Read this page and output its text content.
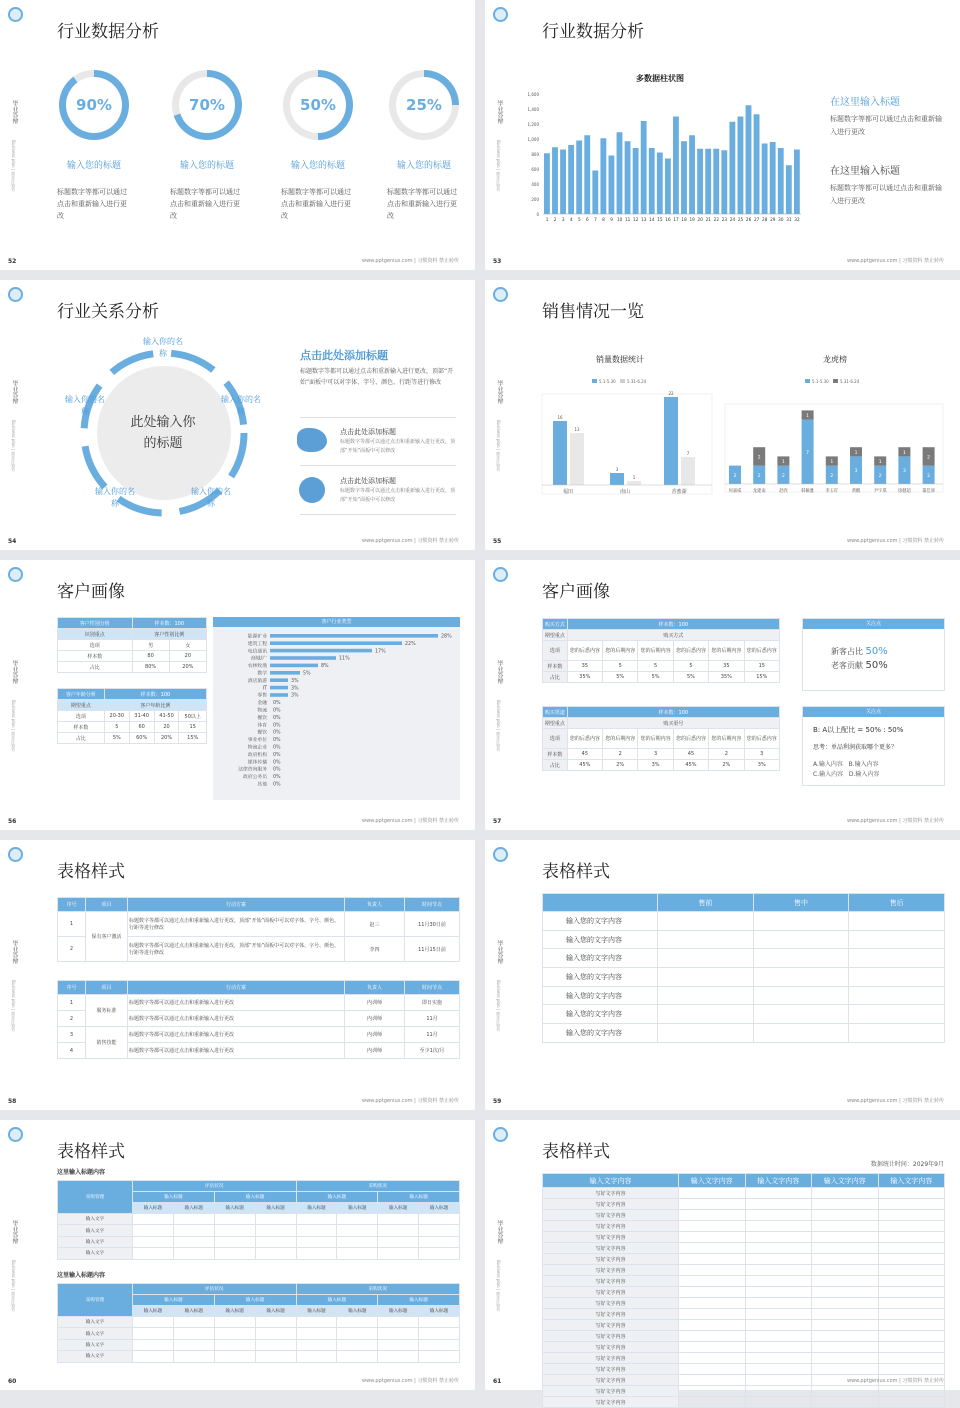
毕业答辩
Business plan | 商业计划书
行业数据分析
90%
输入您的标题
标题数字等都可以通过点击和重新输入进行更改
70%
输入您的标题
标题数字等都可以通过点击和重新输入进行更改
50%
输入您的标题
标题数字等都可以通过点击和重新输入进行更改
25%
输入您的标题
标题数字等都可以通过点击和重新输入进行更改
52	www.pptgenius.com | 习惯资料 禁止转传
毕业答辩
Business plan | 商业计划书
行业数据分析
多数据柱状图
0
200
400
600
800
1,000
1,200
1,400
1,600
1 2 3 4 5 6 7 8 9 10 11 12 13 14 15 16 17 18 19 20 21 22 23 24 25 26 27 28 29 30 31 32
在这里输入标题
标题数字等都可以通过点击和重新输入进行更改
在这里输入标题
标题数字等都可以通过点击和重新输入进行更改
53	www.pptgenius.com | 习惯资料 禁止转传
毕业答辩
Business plan | 商业计划书
行业关系分析
此处输入你的标题
输入你的名称
输入你的名称
输入你的名称
输入你的名称
输入你的名称
点击此处添加标题
标题数字等都可以通过点击和重新输入进行更改，顶部“开始”面板中可以对字体、字号、颜色、行距等进行修改
点击此处添加标题
标题数字等都可以通过点击和重新输入进行更改，顶部“开始”面板中可以修改
点击此处添加标题
标题数字等都可以通过点击和重新输入进行更改，顶部“开始”面板中可以修改
54	www.pptgenius.com | 习惯资料 禁止转传
毕业答辩
Business plan | 商业计划书
销售情况一览
销量数据统计
5.1-5.30	5.31-6.24
16
13
福田
3
1
南山
22
7
香蜜湖
龙虎榜
5.1-5.30	5.31-6.24
2
何嘉威
2
2
龙建南
2
1
赵欣
7
1
韩佩雅
2
1
李玉叮
3
1
黄醒
2
1
尹宇琪
3
1
徐健超
2
2
董佳驿
55	www.pptgenius.com | 习惯资料 禁止转传
毕业答辩
Business plan | 商业计划书
客户画像
客户性别分析	样本数：100	
识别重点	客户性别比例	
选项	男	女
样本数	80	20
占比	80%	20%
客户年龄分析	样本数：100			
期望重点	客户年龄比例			
选项	20-30	31-40	41-50	50以上
样本数	5	60	20	15
占比	5%	60%	20%	15%
客户行业类型
能源矿业	28%
建筑工程	22%
电信通讯	17%
商城/广	11%
农林牧渔	8%
教学	5%
酒店旅游	3%
IT	3%
零售	3%
金融 0%
物流 0%
餐饮 0%
体育 0%
餐饮 0%
事业单位 0%
物流企业 0%
政府机构 0%
媒体传播 0%
法律咨询服务 0%
政府公务员 0%
其他 0%
56	www.pptgenius.com | 习惯资料 禁止转传
毕业答辩
Business plan | 商业计划书
客户画像
购买方式	样本数：100					
期望重点	购买方式					
选项	您的后悉内容	您的后期内容	您的后期内容	您的后悉内容	您的后期内容	您的后悉内容
样本数	35	5	5	5	35	15
占比	35%	5%	5%	5%	35%	15%
购买渠道	样本数：100					
期望重点	购买渠号					
选项	您的后悉内容	您的后期内容	您的后期内容	您的后悉内容	您的后期内容	您的后悉内容
样本数	45	2	3	45	2	3
占比	45%	2%	3%	45%	2%	3%
关注点
新客占比 50%
老客贡献 50%
关注点
B: A以上配比 = 50% : 50%
思考：单品利润获取哪个更多？
A.输入内容   B.输入内容
C.输入内容   D.输入内容
57	www.pptgenius.com | 习惯资料 禁止转传
毕业答辩
Business plan | 商业计划书
表格样式
序号	项目	行动方案	负责人	时间节点
1	保有客户激活	标题数字等都可以通过点击和重新输入进行更改，顶部“开始”面板中可以对字体、字号、颜色、行距等进行修改	赵三	11月30日前
2		标题数字等都可以通过点击和重新输入进行更改，顶部“开始”面板中可以对字体、字号、颜色、行距等进行修改	李四	11月15日前
序号	项目	行动方案	负责人	时间节点
1	服务标准	标题数字等都可以通过点击和重新输入进行更改	内训师	即日实施
2		标题数字等都可以通过点击和重新输入进行更改	内训师	11月
3	销售技能	标题数字等都可以通过点击和重新输入进行更改	内训师	11月
4		标题数字等都可以通过点击和重新输入进行更改	内训师	至少1次/月
58	www.pptgenius.com | 习惯资料 禁止转传
毕业答辩
Business plan | 商业计划书
表格样式
	售前	售中	售后
输入您的文字内容			
输入您的文字内容			
输入您的文字内容			
输入您的文字内容			
输入您的文字内容			
输入您的文字内容			
输入您的文字内容			
59	www.pptgenius.com | 习惯资料 禁止转传
毕业答辩
Business plan | 商业计划书
表格样式
这里输入标题内容
采购管理	评估状况				采购状况			
	输入标题		输入标题		输入标题		输入标题	
	输入标题	输入标题	输入标题	输入标题	输入标题	输入标题	输入标题	输入标题
输入文字								
输入文字								
输入文字								
输入文字								
这里输入标题内容
采购管理	评估状况				采购状况			
	输入标题		输入标题		输入标题		输入标题	
	输入标题	输入标题	输入标题	输入标题	输入标题	输入标题	输入标题	输入标题
输入文字								
输入文字								
输入文字								
输入文字								
60	www.pptgenius.com | 习惯资料 禁止转传
毕业答辩
Business plan | 商业计划书
表格样式
数据统计时间：2029年9月
输入文字内容	输入文字内容	输入文字内容	输入文字内容	输入文字内容
写好文字内容				
写好文字内容				
写好文字内容				
写好文字内容				
写好文字内容				
写好文字内容				
写好文字内容				
写好文字内容				
写好文字内容				
写好文字内容				
写好文字内容				
写好文字内容				
写好文字内容				
写好文字内容				
写好文字内容				
写好文字内容				
写好文字内容				
写好文字内容				
写好文字内容				
写好文字内容				
61	www.pptgenius.com | 习惯资料 禁止转传
